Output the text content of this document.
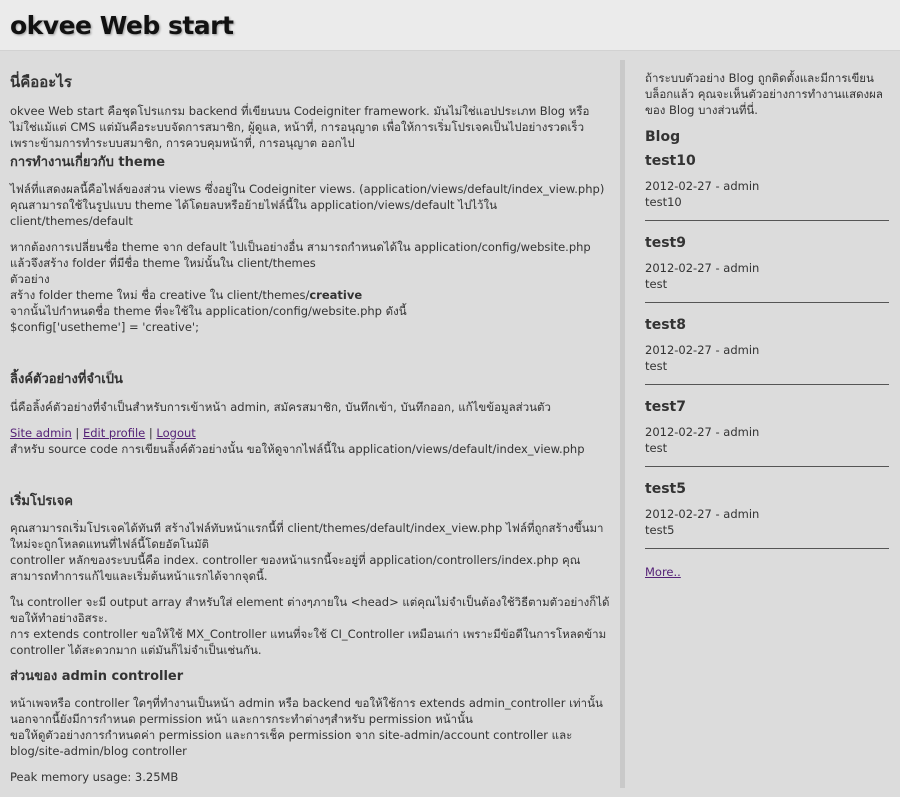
okvee Web start
นี่คืออะไร

okvee Web start คือชุดโปรแกรม backend ที่เขียนบน Codeigniter framework. มันไม่ใช่แอปประเภท Blog หรือไม่ใช่แม้แต่ CMS แต่มันคือระบบจัดการสมาชิก, ผู้ดูแล, หน้าที่, การอนุญาต เพื่อให้การเริ่มโปรเจคเป็นไปอย่างรวดเร็ว เพราะข้ามการทำระบบสมาชิก, การควบคุมหน้าที่, การอนุญาต ออกไป

การทำงานเกี่ยวกับ theme

ไฟล์ที่แสดงผลนี้คือไฟล์ของส่วน views ซึ่งอยู่ใน Codeigniter views. (application/views/default/index_view.php)
คุณสามารถใช้ในรูปแบบ theme ได้โดยลบหรือย้ายไฟล์นี้ใน application/views/default ไปไว้ใน client/themes/default

หากต้องการเปลี่ยนชื่อ theme จาก default ไปเป็นอย่างอื่น สามารถกำหนดได้ใน application/config/website.php แล้วจึงสร้าง folder ที่มีชื่อ theme ใหม่นั้นใน client/themes
ตัวอย่าง
สร้าง folder theme ใหม่ ชื่อ creative ใน client/themes/creative
จากนั้นไปกำหนดชื่อ theme ที่จะใช้ใน application/config/website.php ดังนี้
$config['usetheme'] = 'creative';

ลิ้งค์ตัวอย่างที่จำเป็น

นี่คือลิ้งค์ตัวอย่างที่จำเป็นสำหรับการเข้าหน้า admin, สมัครสมาชิก, บันทึกเข้า, บันทึกออก, แก้ไขข้อมูลส่วนตัว

Site admin | Edit profile | Logout
สำหรับ source code การเขียนลิ้งค์ตัวอย่างนั้น ขอให้ดูจากไฟล์นี้ใน application/views/default/index_view.php

เริ่มโปรเจค

คุณสามารถเริ่มโปรเจคได้ทันที สร้างไฟล์ทับหน้าแรกนี้ที่ client/themes/default/index_view.php ไฟล์ที่ถูกสร้างขึ้นมาใหม่จะถูกโหลดแทนที่ไฟล์นี้โดยอัตโนมัติ
controller หลักของระบบนี้คือ index. controller ของหน้าแรกนี้จะอยู่ที่ application/controllers/index.php คุณสามารถทำการแก้ไขและเริ่มต้นหน้าแรกได้จากจุดนี้.

ใน controller จะมี output array สำหรับใส่ element ต่างๆภายใน <head> แต่คุณไม่จำเป็นต้องใช้วิธีตามตัวอย่างก็ได้ ขอให้ทำอย่างอิสระ.
การ extends controller ขอให้ใช้ MX_Controller แทนที่จะใช้ CI_Controller เหมือนเก่า เพราะมีข้อดีในการโหลดข้าม controller ได้สะดวกมาก แต่มันก็ไม่จำเป็นเช่นกัน.

ส่วนของ admin controller

หน้าเพจหรือ controller ใดๆที่ทำงานเป็นหน้า admin หรือ backend ขอให้ใช้การ extends admin_controller เท่านั้น
นอกจากนี้ยังมีการกำหนด permission หน้า และการกระทำต่างๆสำหรับ permission หน้านั้น
ขอให้ดูตัวอย่างการกำหนดค่า permission และการเช็ค permission จาก site-admin/account controller และ blog/site-admin/blog controller

Peak memory usage: 3.25MB

ถ้าระบบตัวอย่าง Blog ถูกติดตั้งและมีการเขียนบล็อกแล้ว คุณจะเห็นตัวอย่างการทำงานแสดงผลของ Blog บางส่วนที่นี่.

Blog
test10
2012-02-27 - admin
test10
test9
2012-02-27 - admin
test
test8
2012-02-27 - admin
test
test7
2012-02-27 - admin
test
test5
2012-02-27 - admin
test5
More..
